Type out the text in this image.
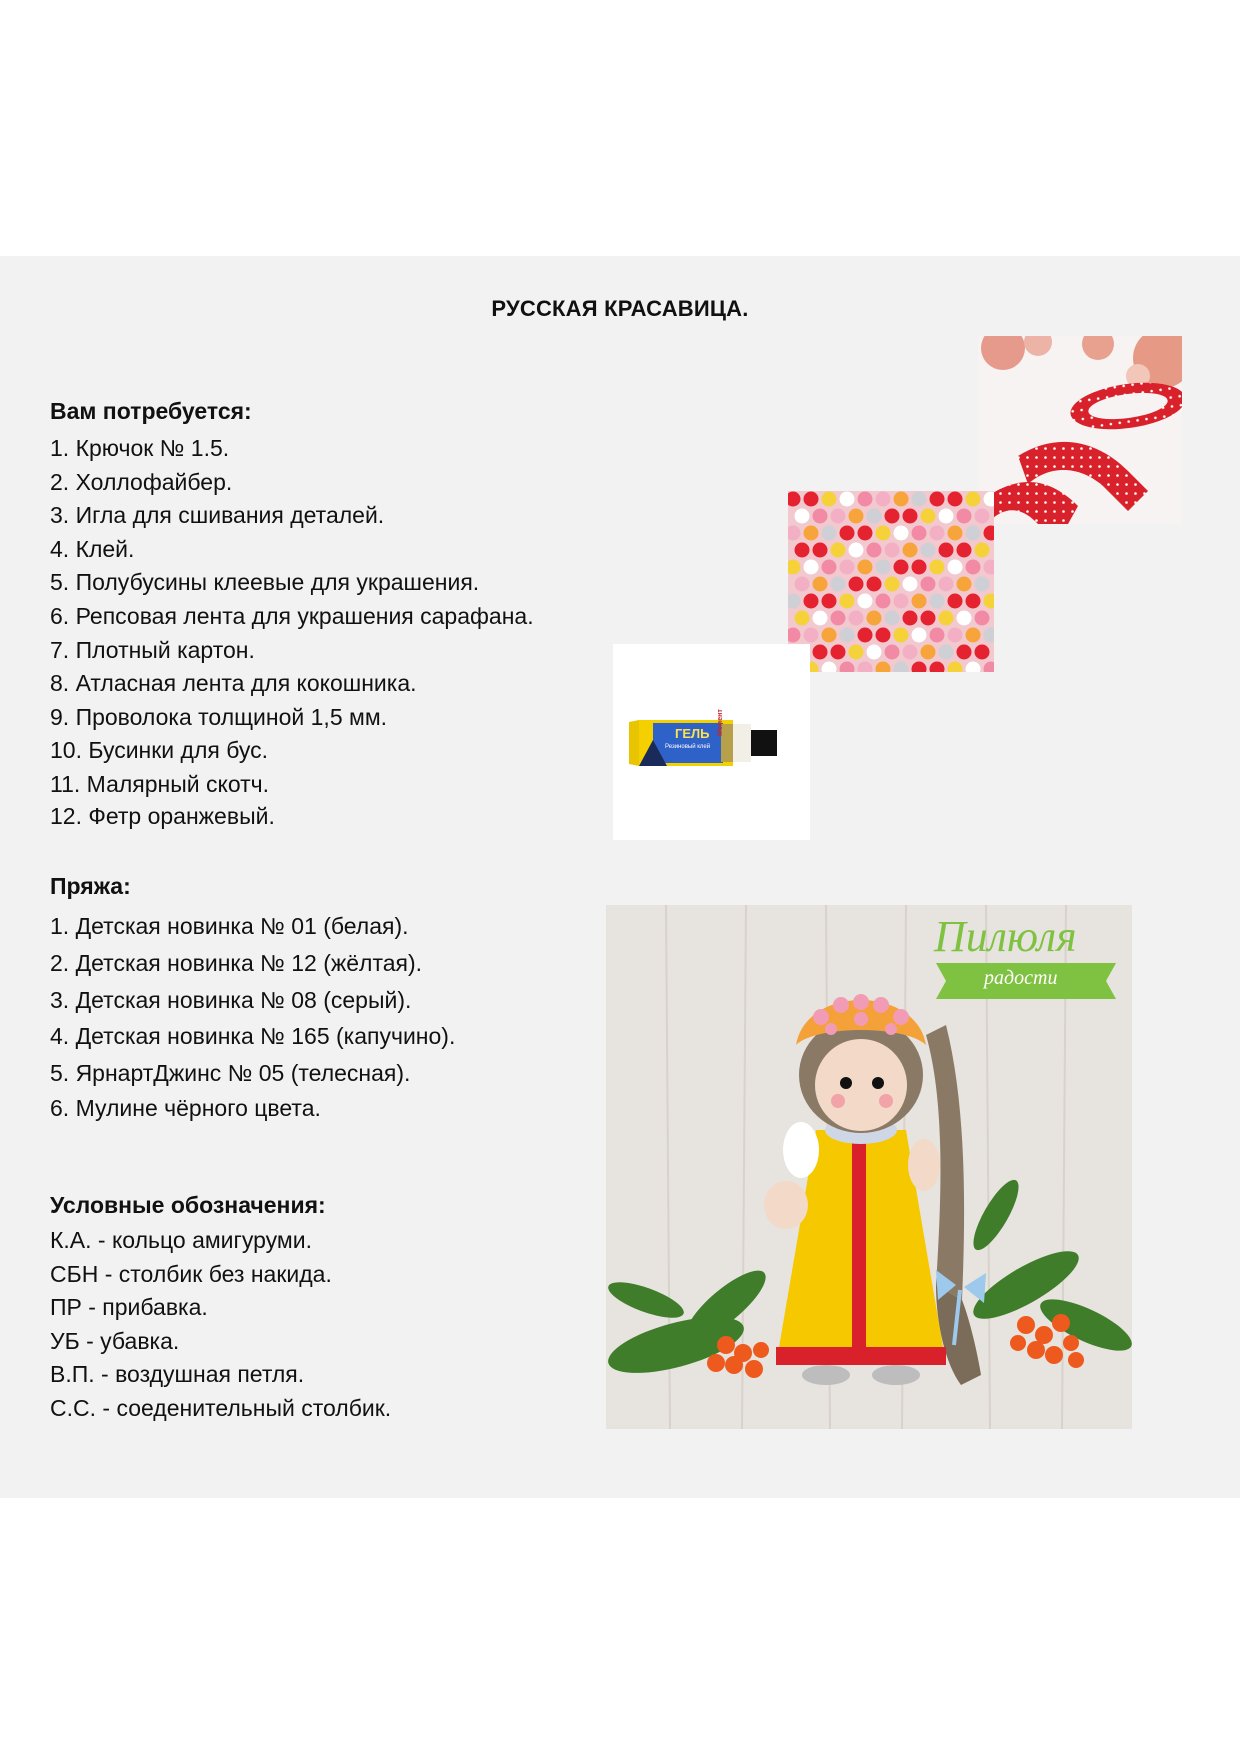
РУССКАЯ КРАСАВИЦА.
Вам потребуется:
1. Крючок № 1.5.
2. Холлофайбер.
3. Игла для сшивания деталей.
4. Клей.
5. Полубусины клеевые для украшения.
6. Репсовая лента для украшения сарафана.
7. Плотный картон.
8. Атласная лента для кокошника.
9. Проволока толщиной 1,5 мм.
10. Бусинки для бус.
11. Малярный скотч.
12. Фетр оранжевый.
Пряжа:
1. Детская новинка № 01 (белая).
2. Детская новинка № 12 (жёлтая).
3. Детская новинка № 08 (серый).
4. Детская новинка № 165 (капучино).
5. ЯрнартДжинс № 05 (телесная).
6. Мулине чёрного цвета.
Условные обозначения:
К.А. - кольцо амигуруми.
СБН - столбик без накида.
ПР - прибавка.
УБ - убавка.
В.П. - воздушная петля.
С.С. - соеденительный столбик.
ГЕЛЬ
Резиновый клей
Момент
Пилюля
радости
